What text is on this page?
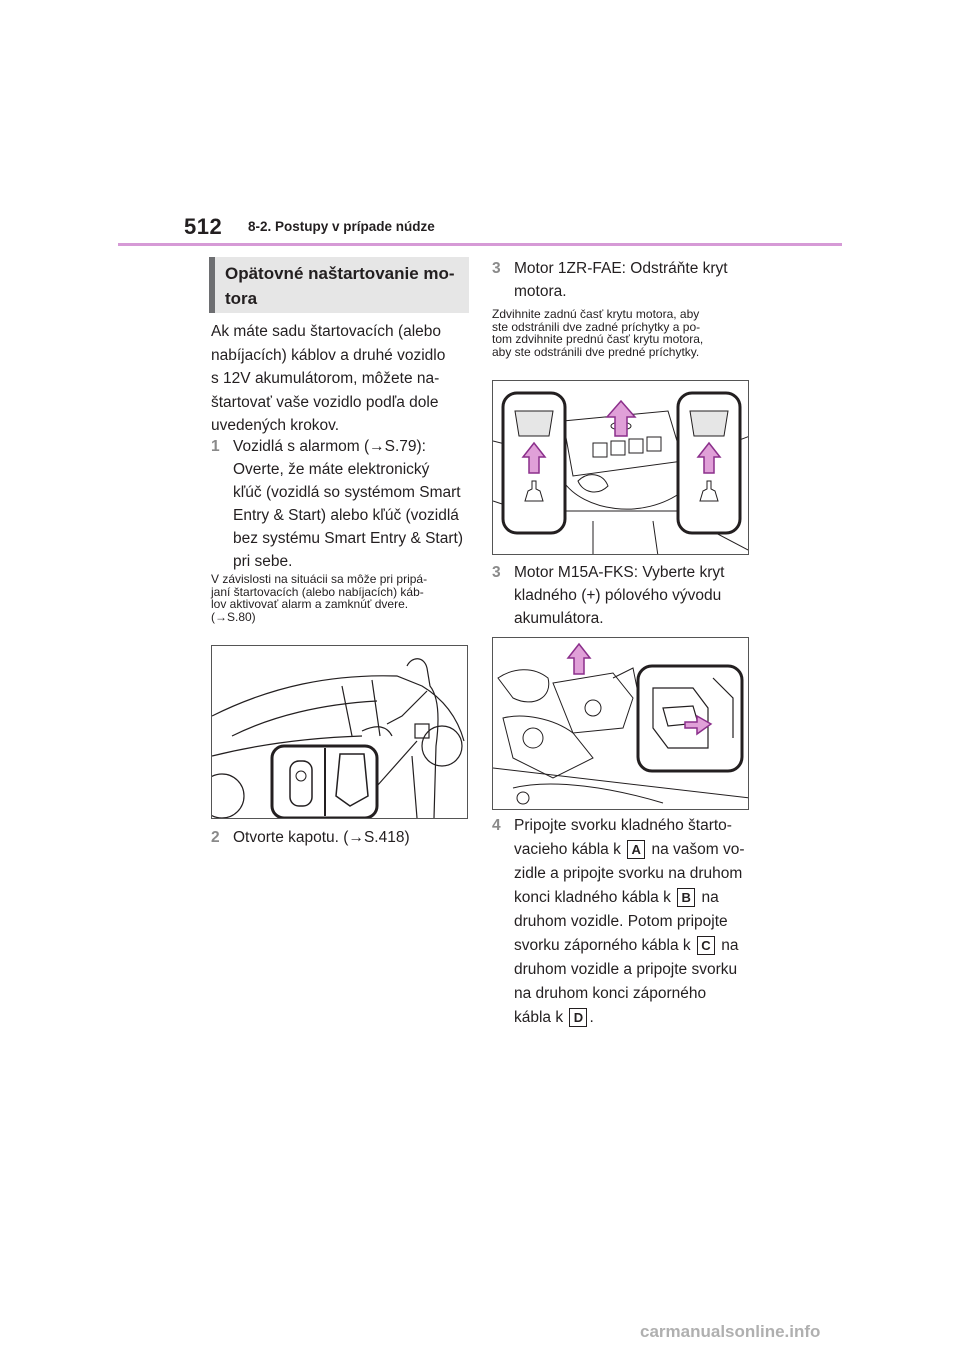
512 8-2. Postupy v prípade núdze
Opätovné naštartovanie mo-
tora
Ak máte sadu štartovacích (alebo
nabíjacích) káblov a druhé vozidlo
s 12V akumulátorom, môžete na-
štartovať vaše vozidlo podľa dole
uvedených krokov.
1 Vozidlá s alarmom (→S.79):
Overte, že máte elektronický
kľúč (vozidlá so systémom Smart
Entry & Start) alebo kľúč (vozidlá
bez systému Smart Entry & Start)
pri sebe.
V závislosti na situácii sa môže pri pripá-
janí štartovacích (alebo nabíjacích) káb-
lov aktivovať alarm a zamknúť dvere.
(→S.80)
2 Otvorte kapotu. (→S.418)
3 Motor 1ZR-FAE: Odstráňte kryt
motora.
Zdvihnite zadnú časť krytu motora, aby
ste odstránili dve zadné príchytky a po-
tom zdvihnite prednú časť krytu motora,
aby ste odstránili dve predné príchytky.
3 Motor M15A-FKS: Vyberte kryt
kladného (+) pólového vývodu
akumulátora.
4 Pripojte svorku kladného štarto-
vacieho kábla k A na vašom vo-
zidle a pripojte svorku na druhom
konci kladného kábla k B na
druhom vozidle. Potom pripojte
svorku záporného kábla k C na
druhom vozidle a pripojte svorku
na druhom konci záporného
kábla k D .
carmanualsonline.info
